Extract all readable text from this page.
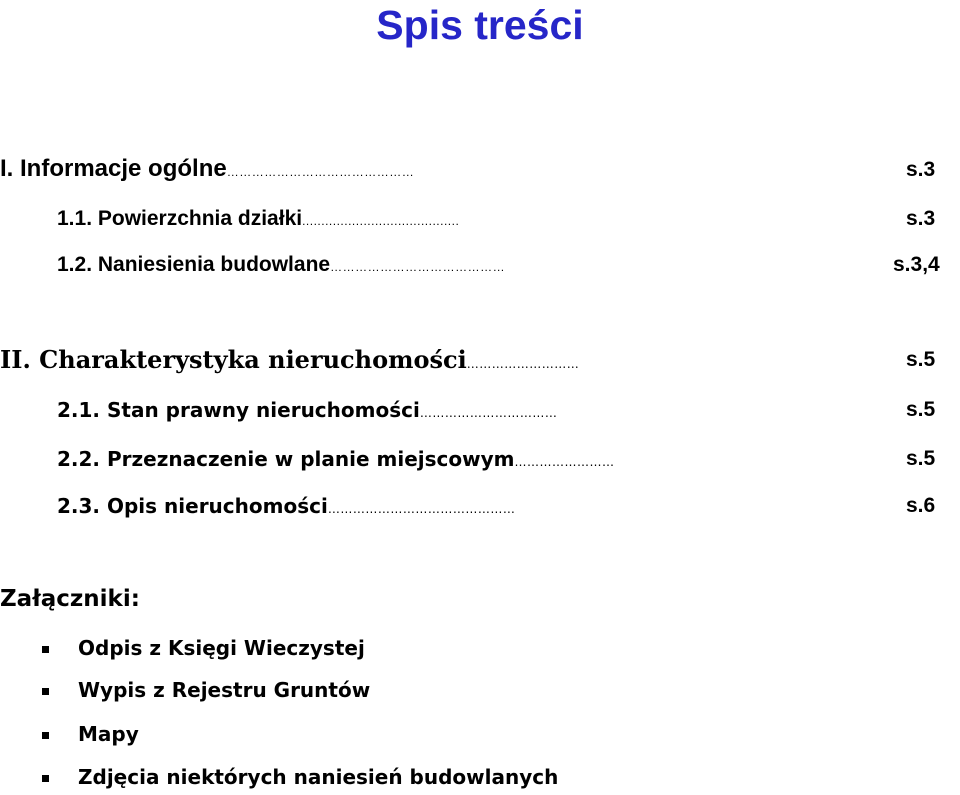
Spis treści
I. Informacje ogólne………………………………………	s.3
1.1. Powierzchnia działki.........................................	s.3
1.2. Naniesienia budowlane……………………………………	s.3,4
II. Charakterystyka nieruchomości………………………	s.5
2.1. Stan prawny nieruchomości……………………………	s.5
2.2. Przeznaczenie w planie miejscowym……………………	s.5
2.3. Opis nieruchomości………………………………………	s.6
Załączniki:
Odpis z Księgi Wieczystej
Wypis z Rejestru Gruntów
Mapy
Zdjęcia niektórych naniesień budowlanych
